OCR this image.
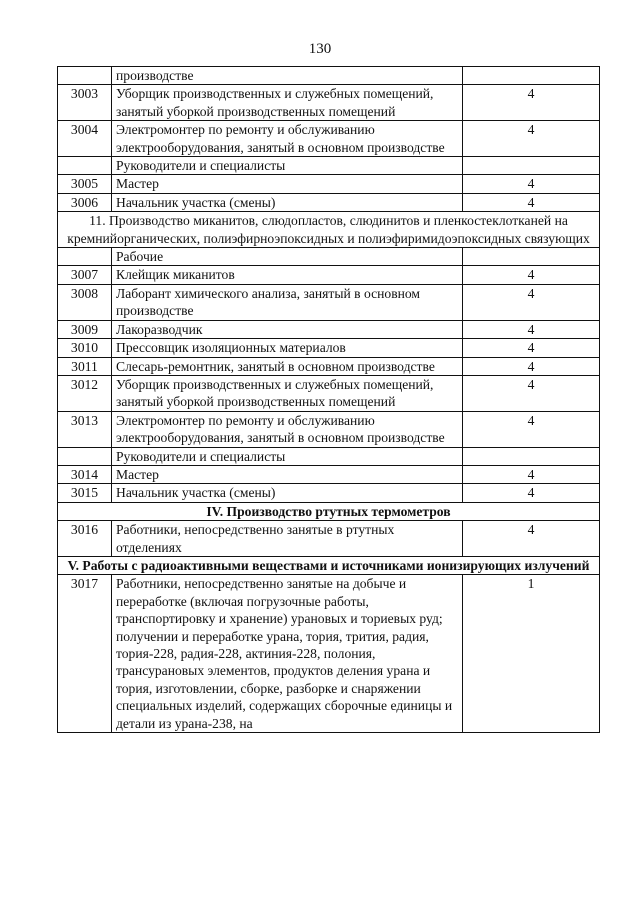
130
	производстве	
3003	Уборщик производственных и служебных помещений, занятый уборкой производственных помещений	4
3004	Электромонтер по ремонту и обслуживанию электрооборудования, занятый в основном производстве	4
	Руководители и специалисты	
3005	Мастер	4
3006	Начальник участка (смены)	4
11. Производство миканитов, слюдопластов, слюдинитов и пленкостеклотканей на кремнийорганических, полиэфирноэпоксидных и полиэфиримидоэпоксидных связующих		
	Рабочие	
3007	Клейщик миканитов	4
3008	Лаборант химического анализа, занятый в основном производстве	4
3009	Лакоразводчик	4
3010	Прессовщик изоляционных материалов	4
3011	Слесарь-ремонтник, занятый в основном производстве	4
3012	Уборщик производственных и служебных помещений, занятый уборкой производственных помещений	4
3013	Электромонтер по ремонту и обслуживанию электрооборудования, занятый в основном производстве	4
	Руководители и специалисты	
3014	Мастер	4
3015	Начальник участка (смены)	4
IV. Производство ртутных термометров		
3016	Работники, непосредственно занятые в ртутных отделениях	4
V. Работы с радиоактивными веществами и источниками ионизирующих излучений		
3017	Работники, непосредственно занятые на добыче и переработке (включая погрузочные работы, транспортировку и хранение) урановых и ториевых руд; получении и переработке урана, тория, трития, радия, тория-228, радия-228, актиния-228, полония, трансурановых элементов, продуктов деления урана и тория, изготовлении, сборке, разборке и снаряжении специальных изделий, содержащих сборочные единицы и детали из урана-238, на	1
